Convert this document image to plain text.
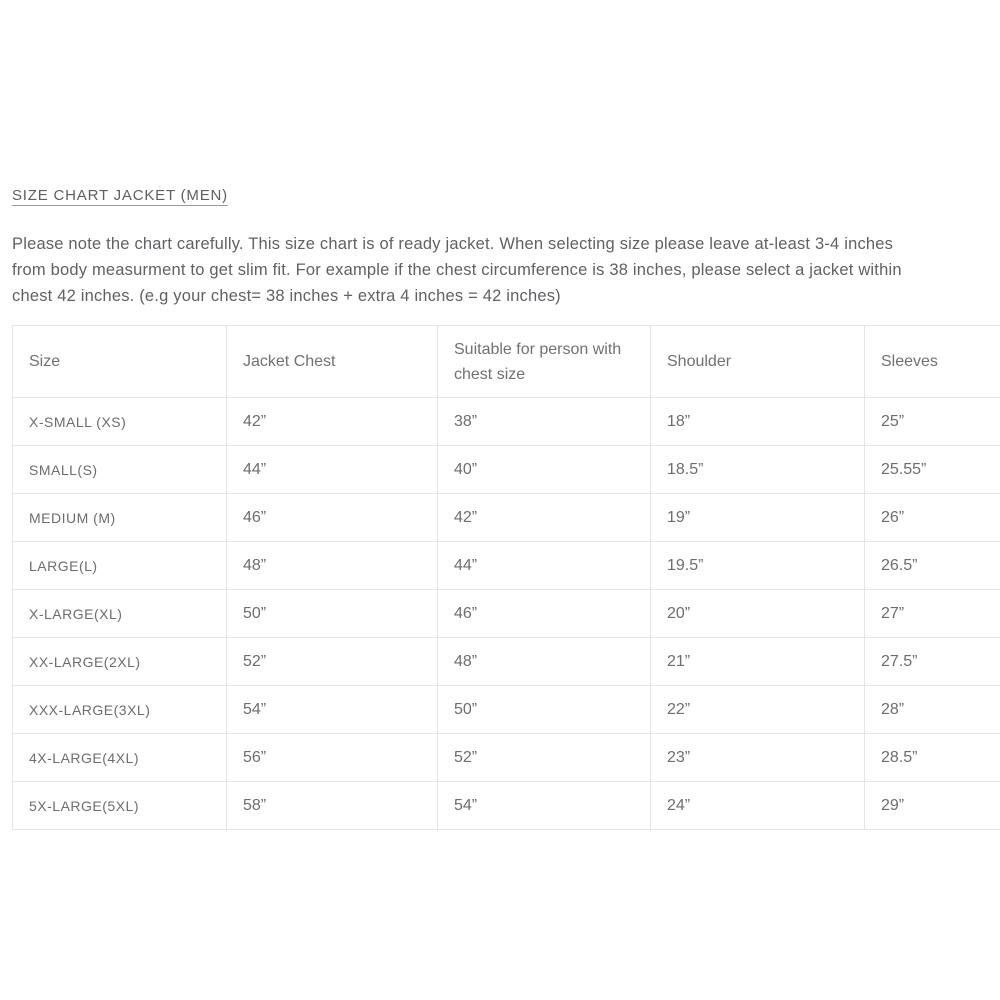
SIZE CHART JACKET (MEN)
Please note the chart carefully. This size chart is of ready jacket. When selecting size please leave at-least 3-4 inches
from body measurment to get slim fit. For example if the chest circumference is 38 inches, please select a jacket within
chest 42 inches. (e.g your chest= 38 inches + extra 4 inches = 42 inches)
Size	Jacket Chest	Suitable for person with chest size	Shoulder	Sleeves
X-SMALL (XS)	42”	38”	18”	25”
SMALL(S)	44”	40”	18.5”	25.55”
MEDIUM (M)	46”	42”	19”	26”
LARGE(L)	48”	44”	19.5”	26.5”
X-LARGE(XL)	50”	46”	20”	27”
XX-LARGE(2XL)	52”	48”	21”	27.5”
XXX-LARGE(3XL)	54”	50”	22”	28”
4X-LARGE(4XL)	56”	52”	23”	28.5”
5X-LARGE(5XL)	58”	54”	24”	29”
